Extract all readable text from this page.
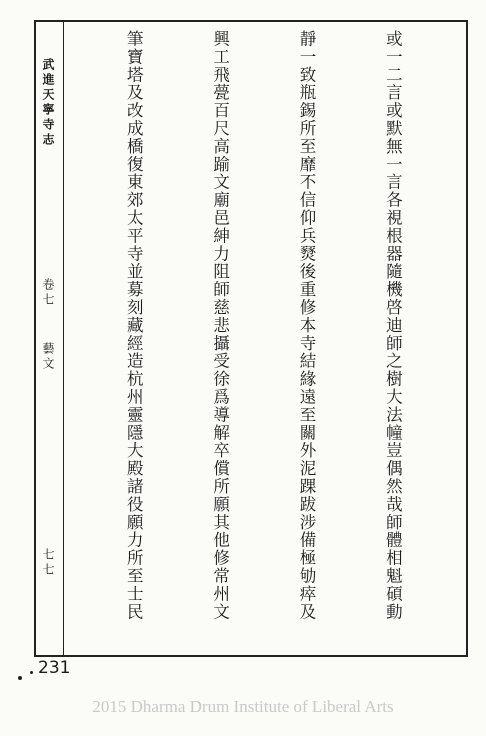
武進天寧寺志
卷七
藝文
七七

	或一二言或默無一言各視根器隨機啓迪師之樹大法幢豈偶然哉師體相魁碩動

靜一致瓶錫所至靡不信仰兵燹後重修本寺結緣遠至關外泥踝跋涉備極劬瘁及

興工飛甍百尺高踰文廟邑紳力阻師慈悲攝受徐爲導解卒償所願其他修常州文

筆寶塔及改成橋復東郊太平寺並募刻藏經造杭州靈隱大殿諸役願力所至士民

231
2015 Dharma Drum Institute of Liberal Arts
